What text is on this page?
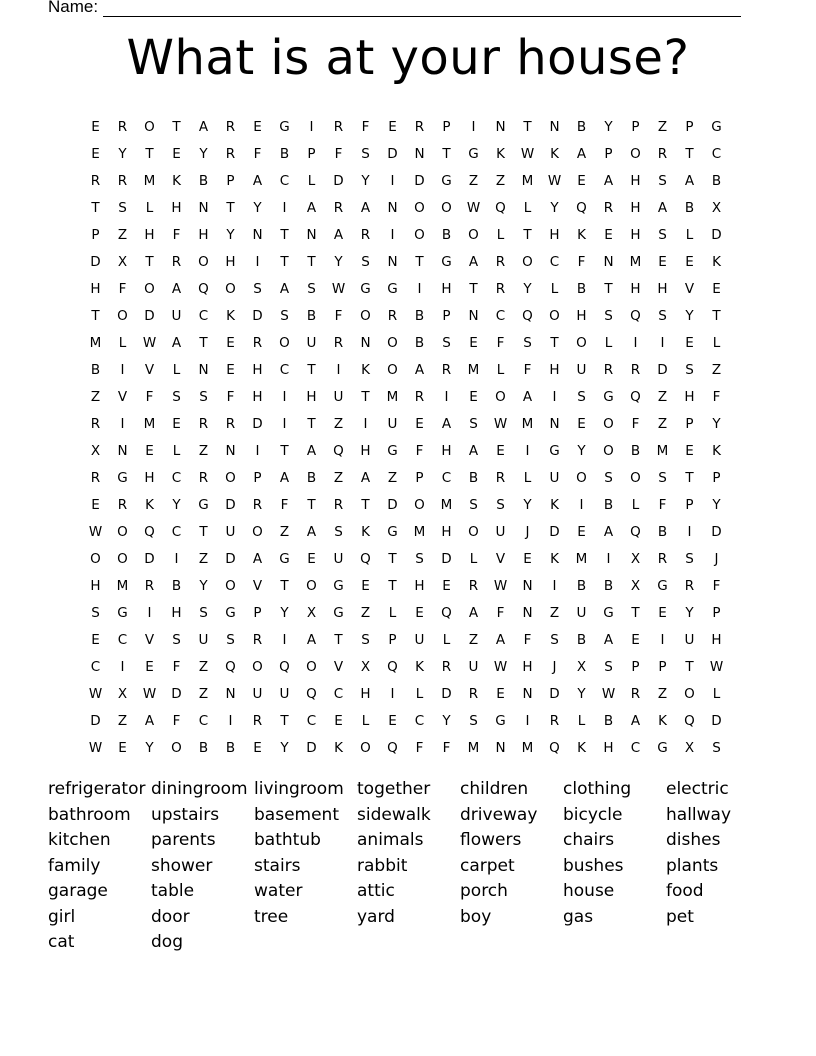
Name:
What is at your house?
E	R	O	T	A	R	E	G	I	R	F	E	R	P	I	N	T	N	B	Y	P	Z	P	G
E	Y	T	E	Y	R	F	B	P	F	S	D	N	T	G	K	W	K	A	P	O	R	T	C
R	R	M	K	B	P	A	C	L	D	Y	I	D	G	Z	Z	M	W	E	A	H	S	A	B
T	S	L	H	N	T	Y	I	A	R	A	N	O	O	W	Q	L	Y	Q	R	H	A	B	X
P	Z	H	F	H	Y	N	T	N	A	R	I	O	B	O	L	T	H	K	E	H	S	L	D
D	X	T	R	O	H	I	T	T	Y	S	N	T	G	A	R	O	C	F	N	M	E	E	K
H	F	O	A	Q	O	S	A	S	W	G	G	I	H	T	R	Y	L	B	T	H	H	V	E
T	O	D	U	C	K	D	S	B	F	O	R	B	P	N	C	Q	O	H	S	Q	S	Y	T
M	L	W	A	T	E	R	O	U	R	N	O	B	S	E	F	S	T	O	L	I	I	E	L
B	I	V	L	N	E	H	C	T	I	K	O	A	R	M	L	F	H	U	R	R	D	S	Z
Z	V	F	S	S	F	H	I	H	U	T	M	R	I	E	O	A	I	S	G	Q	Z	H	F
R	I	M	E	R	R	D	I	T	Z	I	U	E	A	S	W	M	N	E	O	F	Z	P	Y
X	N	E	L	Z	N	I	T	A	Q	H	G	F	H	A	E	I	G	Y	O	B	M	E	K
R	G	H	C	R	O	P	A	B	Z	A	Z	P	C	B	R	L	U	O	S	O	S	T	P
E	R	K	Y	G	D	R	F	T	R	T	D	O	M	S	S	Y	K	I	B	L	F	P	Y
W	O	Q	C	T	U	O	Z	A	S	K	G	M	H	O	U	J	D	E	A	Q	B	I	D
O	O	D	I	Z	D	A	G	E	U	Q	T	S	D	L	V	E	K	M	I	X	R	S	J
H	M	R	B	Y	O	V	T	O	G	E	T	H	E	R	W	N	I	B	B	X	G	R	F
S	G	I	H	S	G	P	Y	X	G	Z	L	E	Q	A	F	N	Z	U	G	T	E	Y	P
E	C	V	S	U	S	R	I	A	T	S	P	U	L	Z	A	F	S	B	A	E	I	U	H
C	I	E	F	Z	Q	O	Q	O	V	X	Q	K	R	U	W	H	J	X	S	P	P	T	W
W	X	W	D	Z	N	U	U	Q	C	H	I	L	D	R	E	N	D	Y	W	R	Z	O	L
D	Z	A	F	C	I	R	T	C	E	L	E	C	Y	S	G	I	R	L	B	A	K	Q	D
W	E	Y	O	B	B	E	Y	D	K	O	Q	F	F	M	N	M	Q	K	H	C	G	X	S
refrigerator diningroom livingroom together	children	clothing	electric
bathroom	upstairs	basement	sidewalk	driveway	bicycle	hallway
kitchen	parents	bathtub	animals	flowers	chairs	dishes
family	shower	stairs	rabbit	carpet	bushes	plants
garage	table	water	attic	porch	house	food
girl	door	tree	yard	boy	gas	pet
cat	dog
